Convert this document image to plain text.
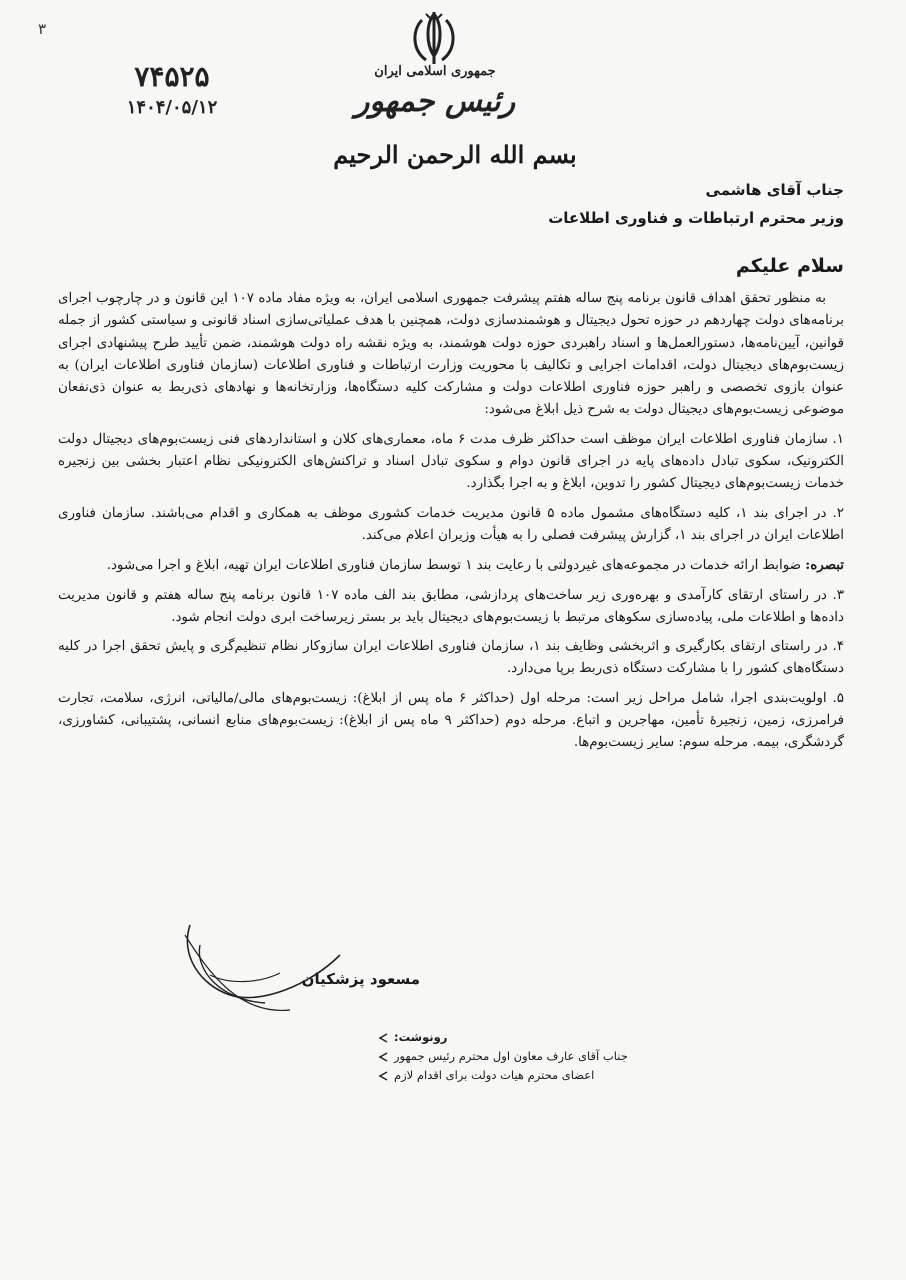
۳
۷۴۵۲۵
۱۴۰۴/۰۵/۱۲
جمهوری اسلامی ایران
رئیس جمهور
بسم الله الرحمن الرحیم
جناب آقای هاشمی
وزیر محترم ارتباطات و فناوری اطلاعات
سلام علیکم

به منظور تحقق اهداف قانون برنامه پنج ساله هفتم پیشرفت جمهوری اسلامی ایران، به ویژه مفاد ماده ۱۰۷ این قانون و در چارچوب اجرای برنامه‌های دولت چهاردهم در حوزه تحول دیجیتال و هوشمندسازی دولت، همچنین با هدف عملیاتی‌سازی اسناد قانونی و سیاستی کشور از جمله قوانین، آیین‌نامه‌ها، دستورالعمل‌ها و اسناد راهبردی حوزه دولت هوشمند، به ویژه نقشه راه دولت هوشمند، ضمن تأیید طرح پیشنهادی اجرای زیست‌بوم‌های دیجیتال دولت، اقدامات اجرایی و تکالیف با محوریت وزارت ارتباطات و فناوری اطلاعات (سازمان فناوری اطلاعات ایران) به عنوان بازوی تخصصی و راهبر حوزه فناوری اطلاعات دولت و مشارکت کلیه دستگاه‌ها، وزارتخانه‌ها و نهادهای ذی‌ربط به عنوان ذی‌نفعان موضوعی زیست‌بوم‌های دیجیتال دولت به شرح ذیل ابلاغ می‌شود:

۱. سازمان فناوری اطلاعات ایران موظف است حداکثر ظرف مدت ۶ ماه، معماری‌های کلان و استانداردهای فنی زیست‌بوم‌های دیجیتال دولت الکترونیک، سکوی تبادل داده‌های پایه در اجرای قانون دوام و سکوی تبادل اسناد و تراکنش‌های الکترونیکی نظام اعتبار بخشی بین زنجیره خدمات زیست‌بوم‌های دیجیتال کشور را تدوین، ابلاغ و به اجرا بگذارد.

۲. در اجرای بند ۱، کلیه دستگاه‌های مشمول ماده ۵ قانون مدیریت خدمات کشوری موظف به همکاری و اقدام می‌باشند. سازمان فناوری اطلاعات ایران در اجرای بند ۱، گزارش پیشرفت فصلی را به هیأت وزیران اعلام می‌کند.

تبصره: ضوابط ارائه خدمات در مجموعه‌های غیردولتی با رعایت بند ۱ توسط سازمان فناوری اطلاعات ایران تهیه، ابلاغ و اجرا می‌شود.

۳. در راستای ارتقای کارآمدی و بهره‌وری زیر ساخت‌های پردازشی، مطابق بند الف ماده ۱۰۷ قانون برنامه پنج ساله هفتم و قانون مدیریت داده‌ها و اطلاعات ملی، پیاده‌سازی سکوهای مرتبط با زیست‌بوم‌های دیجیتال باید بر بستر زیرساخت ابری دولت انجام شود.

۴. در راستای ارتقای بکارگیری و اثربخشی وظایف بند ۱، سازمان فناوری اطلاعات ایران سازوکار نظام تنظیم‌گری و پایش تحقق اجرا در کلیه دستگاه‌های کشور را با مشارکت دستگاه ذی‌ربط برپا می‌دارد.

۵. اولویت‌بندی اجرا، شامل مراحل زیر است: مرحله اول (حداکثر ۶ ماه پس از ابلاغ): زیست‌بوم‌های مالی/مالیاتی، انرژی، سلامت، تجارت فرامرزی، زمین، زنجیرهٔ تأمین، مهاجرین و اتباع. مرحله دوم (حداکثر ۹ ماه پس از ابلاغ): زیست‌بوم‌های منابع انسانی، پشتیبانی، کشاورزی، گردشگری، بیمه. مرحله سوم: سایر زیست‌بوم‌ها.

مسعود پزشکیان
رونوشت:
جناب آقای عارف معاون اول محترم رئیس جمهور
اعضای محترم هیات دولت برای اقدام لازم
